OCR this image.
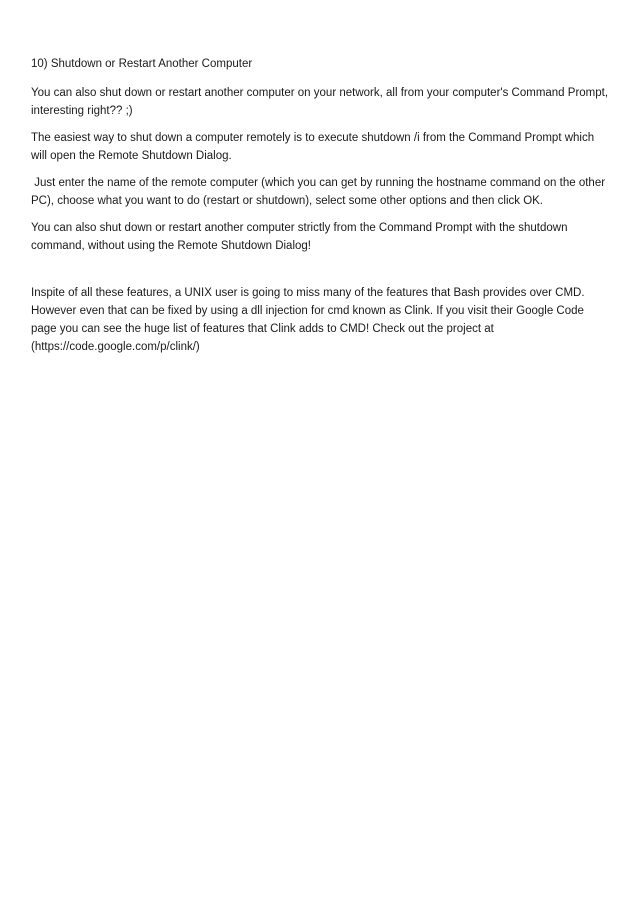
10) Shutdown or Restart Another Computer

You can also shut down or restart another computer on your network, all from your computer's Command Prompt, interesting right?? ;)

The easiest way to shut down a computer remotely is to execute shutdown /i from the Command Prompt which will open the Remote Shutdown Dialog.

Just enter the name of the remote computer (which you can get by running the hostname command on the other PC), choose what you want to do (restart or shutdown), select some other options and then click OK.

You can also shut down or restart another computer strictly from the Command Prompt with the shutdown command, without using the Remote Shutdown Dialog!

Inspite of all these features, a UNIX user is going to miss many of the features that Bash provides over CMD. However even that can be fixed by using a dll injection for cmd known as Clink. If you visit their Google Code page you can see the huge list of features that Clink adds to CMD! Check out the project at (https://code.google.com/p/clink/)
